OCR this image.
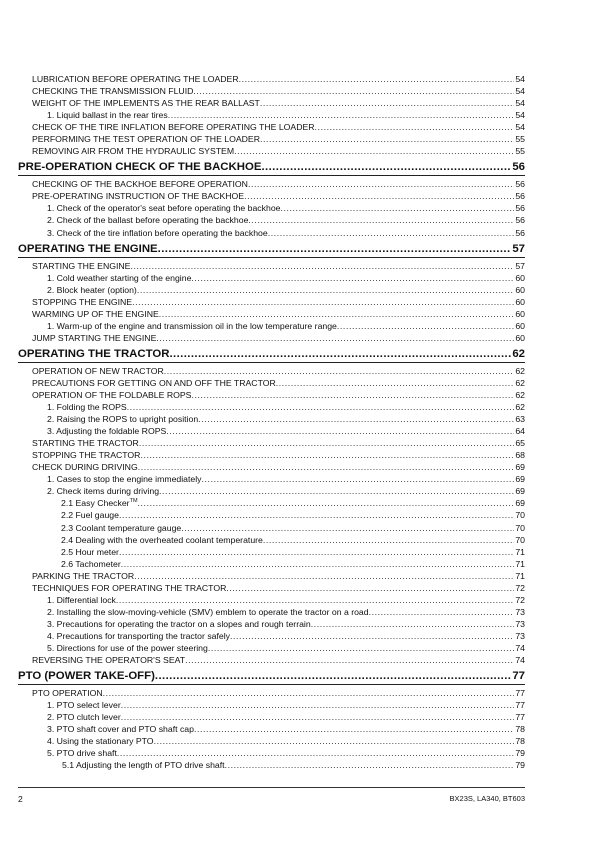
LUBRICATION BEFORE OPERATING THE LOADER .....	54
CHECKING THE TRANSMISSION FLUID .....	54
WEIGHT OF THE IMPLEMENTS AS THE REAR BALLAST .....	54
1. Liquid ballast in the rear tires .....	54
CHECK OF THE TIRE INFLATION BEFORE OPERATING THE LOADER .....	54
PERFORMING THE TEST OPERATION OF THE LOADER .....	55
REMOVING AIR FROM THE HYDRAULIC SYSTEM .....	55
PRE-OPERATION CHECK OF THE BACKHOE .....	56
CHECKING OF THE BACKHOE BEFORE OPERATION .....	56
PRE-OPERATING INSTRUCTION OF THE BACKHOE .....	56
1. Check of the operator's seat before operating the backhoe .....	56
2. Check of the ballast before operating the backhoe .....	56
3. Check of the tire inflation before operating the backhoe .....	56
OPERATING THE ENGINE .....	57
STARTING THE ENGINE .....	57
1. Cold weather starting of the engine .....	60
2. Block heater (option) .....	60
STOPPING THE ENGINE .....	60
WARMING UP OF THE ENGINE .....	60
1. Warm-up of the engine and transmission oil in the low temperature range .....	60
JUMP STARTING THE ENGINE .....	60
OPERATING THE TRACTOR .....	62
OPERATION OF NEW TRACTOR .....	62
PRECAUTIONS FOR GETTING ON AND OFF THE TRACTOR .....	62
OPERATION OF THE FOLDABLE ROPS .....	62
1. Folding the ROPS .....	62
2. Raising the ROPS to upright position .....	63
3. Adjusting the foldable ROPS .....	64
STARTING THE TRACTOR .....	65
STOPPING THE TRACTOR .....	68
CHECK DURING DRIVING .....	69
1. Cases to stop the engine immediately .....	69
2. Check items during driving .....	69
2.1 Easy Checker™ .....	69
2.2 Fuel gauge .....	70
2.3 Coolant temperature gauge .....	70
2.4 Dealing with the overheated coolant temperature .....	70
2.5 Hour meter .....	71
2.6 Tachometer .....	71
PARKING THE TRACTOR .....	71
TECHNIQUES FOR OPERATING THE TRACTOR .....	72
1. Differential lock .....	72
2. Installing the slow-moving-vehicle (SMV) emblem to operate the tractor on a road .....	73
3. Precautions for operating the tractor on a slopes and rough terrain .....	73
4. Precautions for transporting the tractor safely .....	73
5. Directions for use of the power steering .....	74
REVERSING THE OPERATOR'S SEAT .....	74
PTO (POWER TAKE-OFF) .....	77
PTO OPERATION .....	77
1. PTO select lever .....	77
2. PTO clutch lever .....	77
3. PTO shaft cover and PTO shaft cap .....	78
4. Using the stationary PTO .....	78
5. PTO drive shaft .....	79
5.1 Adjusting the length of PTO drive shaft .....	79
2	BX23S, LA340, BT603
